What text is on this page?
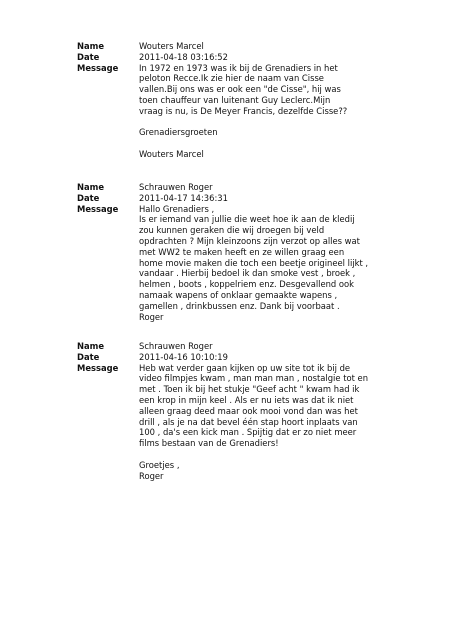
Name	Wouters Marcel
Date	2011-04-18 03:16:52
Message	In 1972 en 1973 was ik bij de Grenadiers in het
peloton Recce.Ik zie hier de naam van Cisse
vallen.Bij ons was er ook een "de Cisse", hij was
toen chauffeur van luitenant Guy Leclerc.Mijn
vraag is nu, is De Meyer Francis, dezelfde Cisse??
Grenadiersgroeten
Wouters Marcel
Name	Schrauwen Roger
Date	2011-04-17 14:36:31
Message	Hallo Grenadiers ,
Is er iemand van jullie die weet hoe ik aan de kledij
zou kunnen geraken die wij droegen bij veld
opdrachten ? Mijn kleinzoons zijn verzot op alles wat
met WW2 te maken heeft en ze willen graag een
home movie maken die toch een beetje origineel lijkt ,
vandaar . Hierbij bedoel ik dan smoke vest , broek ,
helmen , boots , koppelriem enz. Desgevallend ook
namaak wapens of onklaar gemaakte wapens ,
gamellen , drinkbussen enz. Dank bij voorbaat .
Roger
Name	Schrauwen Roger
Date	2011-04-16 10:10:19
Message	Heb wat verder gaan kijken op uw site tot ik bij de
video filmpjes kwam , man man man , nostalgie tot en
met . Toen ik bij het stukje "Geef acht " kwam had ik
een krop in mijn keel . Als er nu iets was dat ik niet
alleen graag deed maar ook mooi vond dan was het
drill , als je na dat bevel één stap hoort inplaats van
100 , da's een kick man . Spijtig dat er zo niet meer
films bestaan van de Grenadiers!
Groetjes ,
Roger
